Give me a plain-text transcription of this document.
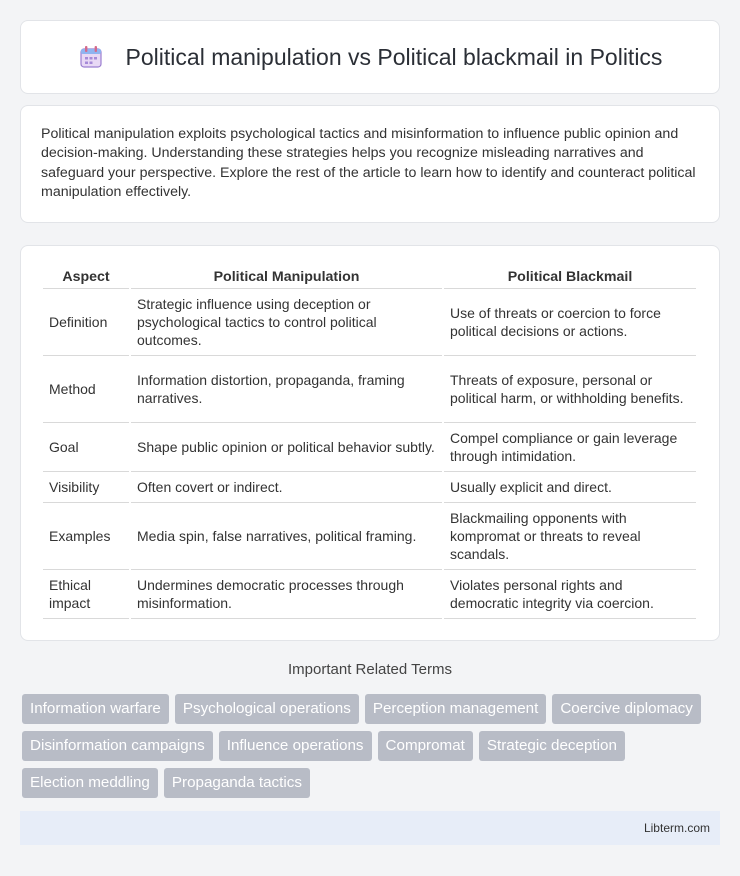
Political manipulation vs Political blackmail in Politics

Political manipulation exploits psychological tactics and misinformation to influence public opinion and decision-making. Understanding these strategies helps you recognize misleading narratives and safeguard your perspective. Explore the rest of the article to learn how to identify and counteract political manipulation effectively.

Aspect	Political Manipulation	Political Blackmail
Definition	Strategic influence using deception or psychological tactics to control political outcomes.	Use of threats or coercion to force political decisions or actions.
Method	Information distortion, propaganda, framing narratives.	Threats of exposure, personal or political harm, or withholding benefits.
Goal	Shape public opinion or political behavior subtly.	Compel compliance or gain leverage through intimidation.
Visibility	Often covert or indirect.	Usually explicit and direct.
Examples	Media spin, false narratives, political framing.	Blackmailing opponents with kompromat or threats to reveal scandals.
Ethical impact	Undermines democratic processes through misinformation.	Violates personal rights and democratic integrity via coercion.
Important Related Terms
Information warfare	Psychological operations	Perception management	Coercive diplomacy
Disinformation campaigns	Influence operations	Compromat	Strategic deception
Election meddling	Propaganda tactics
Libterm.com
